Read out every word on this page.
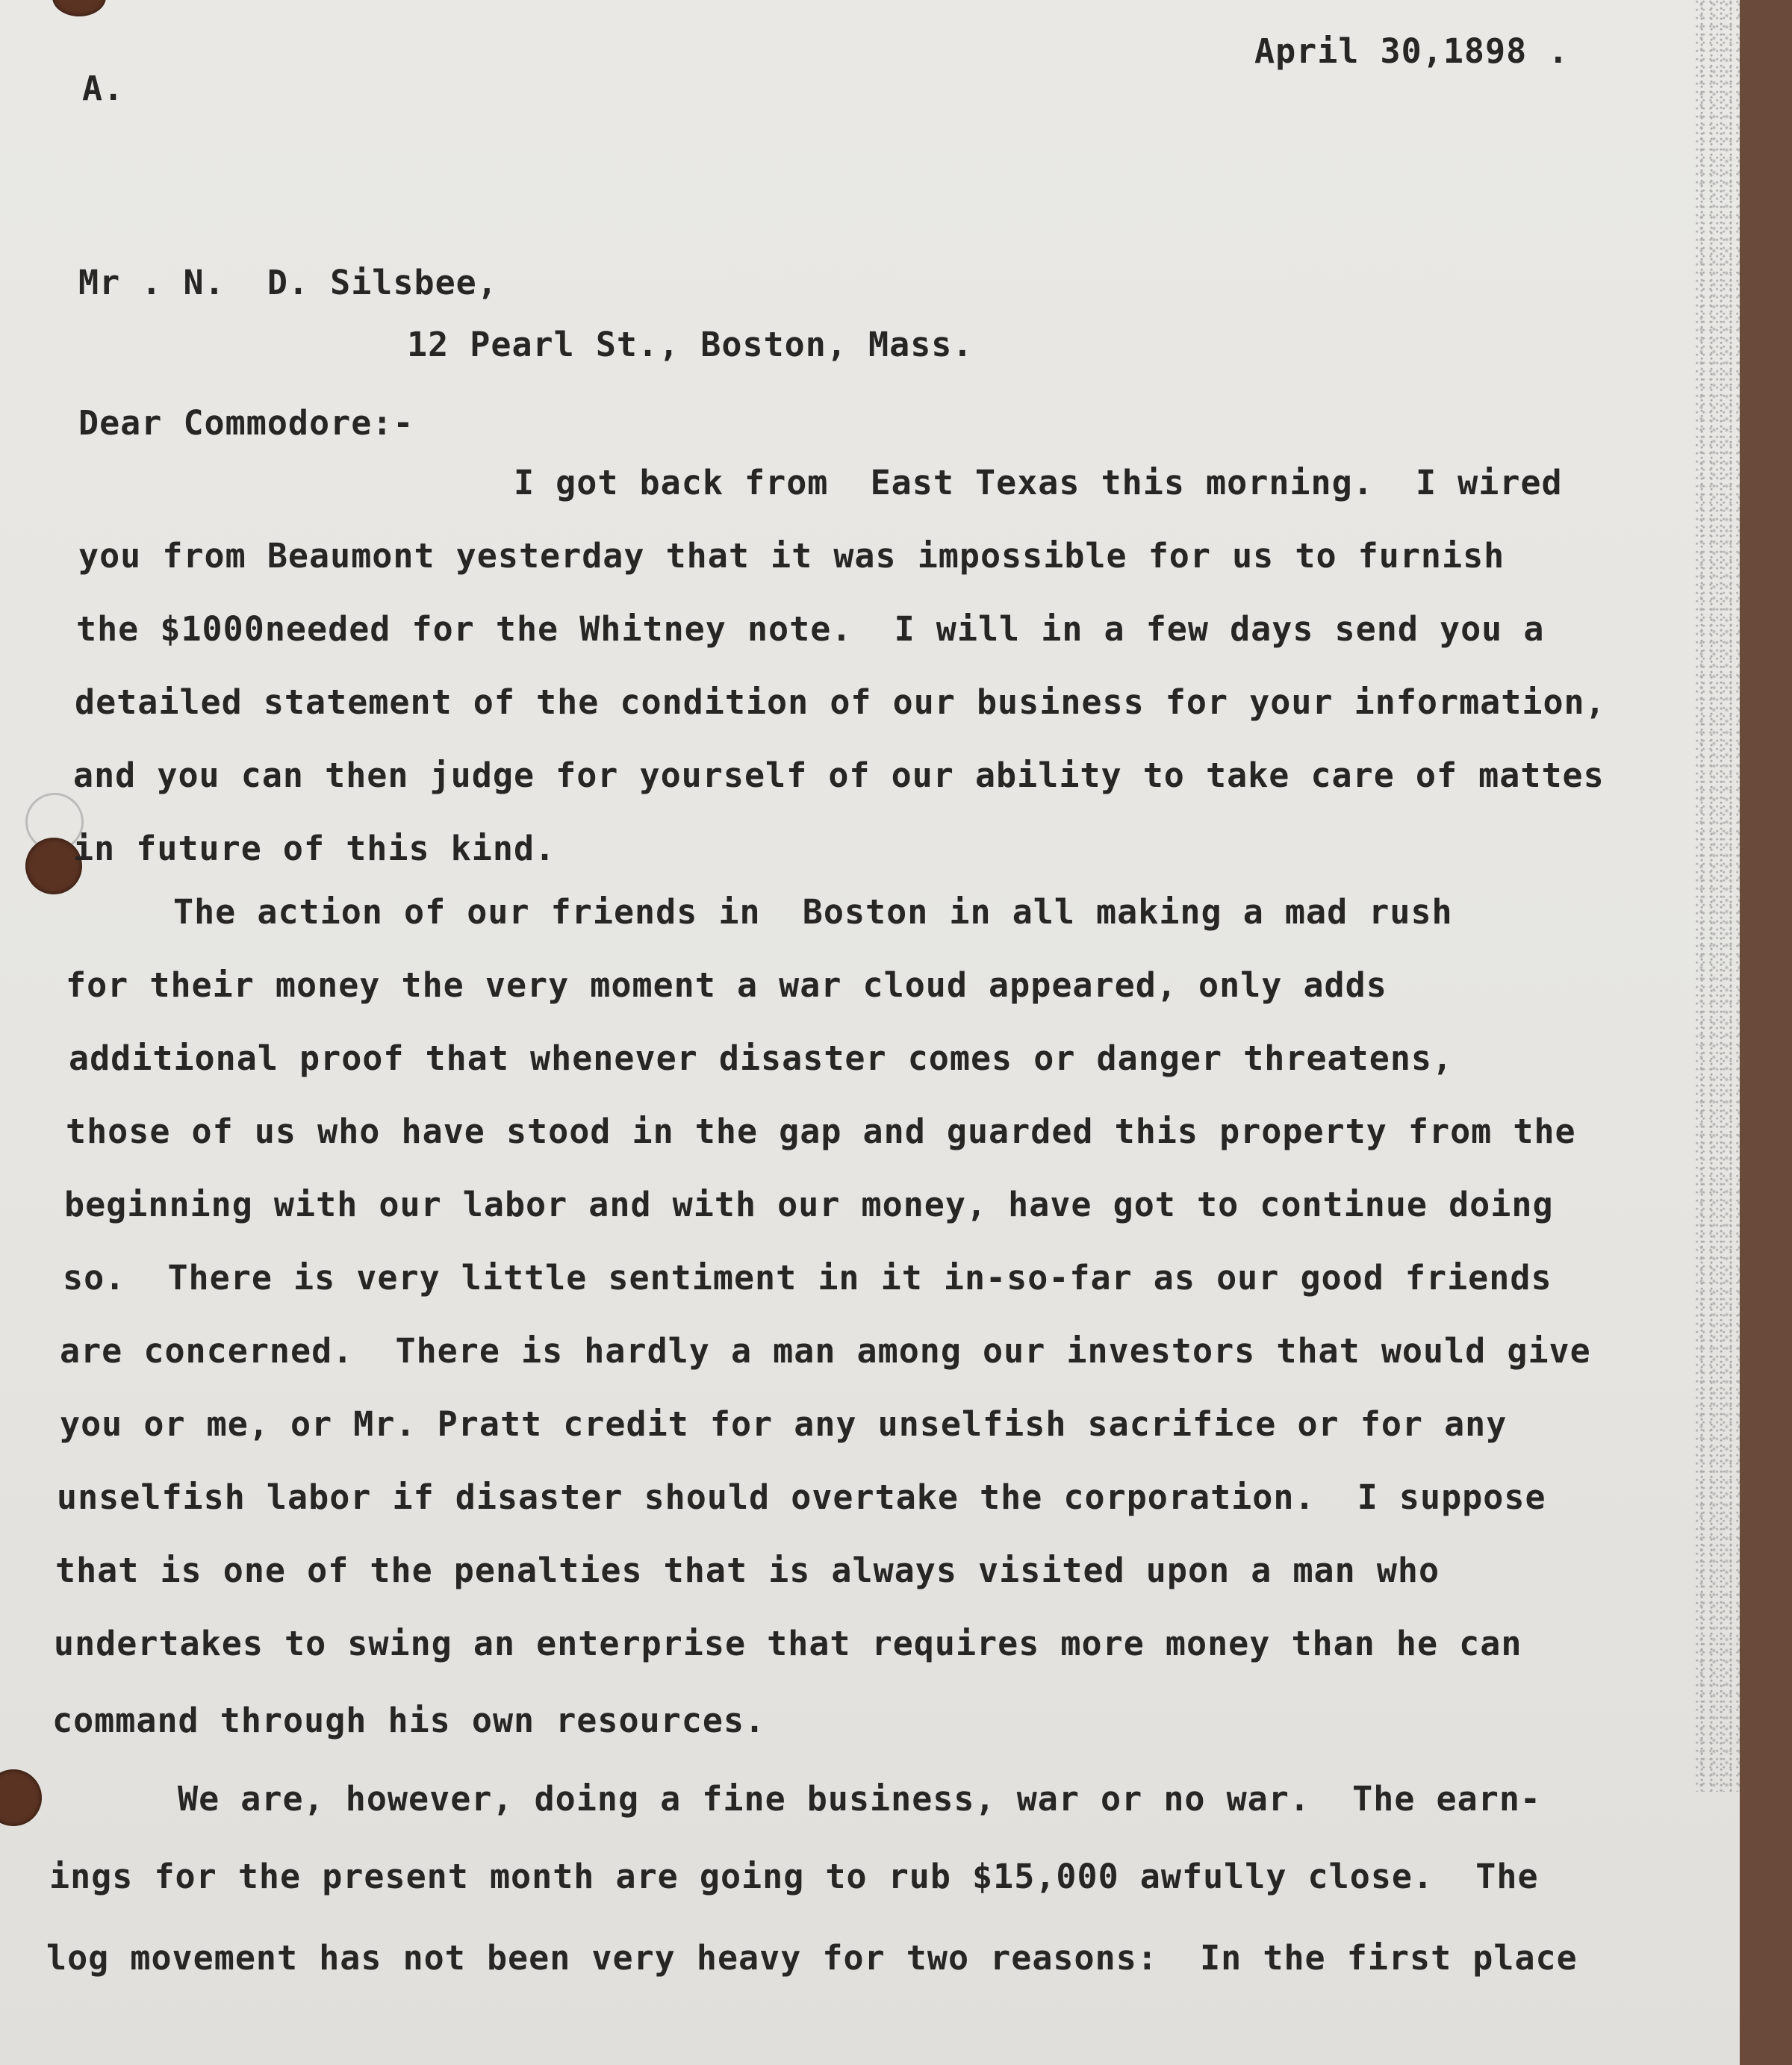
April 30,1898 .
A.
Mr . N.  D. Silsbee,
12 Pearl St., Boston, Mass.
Dear Commodore:-
I got back from  East Texas this morning.  I wired
you from Beaumont yesterday that it was impossible for us to furnish
the $1000needed for the Whitney note.  I will in a few days send you a
detailed statement of the condition of our business for your information,
and you can then judge for yourself of our ability to take care of mattes
in future of this kind.
The action of our friends in  Boston in all making a mad rush
for their money the very moment a war cloud appeared, only adds
additional proof that whenever disaster comes or danger threatens,
those of us who have stood in the gap and guarded this property from the
beginning with our labor and with our money, have got to continue doing
so.  There is very little sentiment in it in-so-far as our good friends
are concerned.  There is hardly a man among our investors that would give
you or me, or Mr. Pratt credit for any unselfish sacrifice or for any
unselfish labor if disaster should overtake the corporation.  I suppose
that is one of the penalties that is always visited upon a man who
undertakes to swing an enterprise that requires more money than he can
command through his own resources.
We are, however, doing a fine business, war or no war.  The earn-
ings for the present month are going to rub $15,000 awfully close.  The
log movement has not been very heavy for two reasons:  In the first place
